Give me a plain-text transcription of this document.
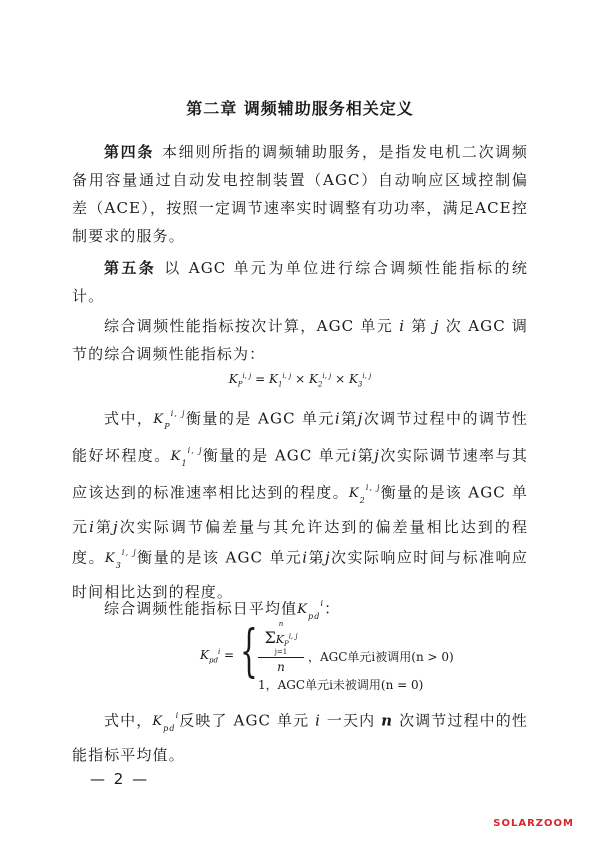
第二章 调频辅助服务相关定义
第四条 本细则所指的调频辅助服务，是指发电机二次调频备用容量通过自动发电控制装置（AGC）自动响应区域控制偏差（ACE），按照一定调节速率实时调整有功功率，满足ACE控制要求的服务。
第五条 以 AGC 单元为单位进行综合调频性能指标的统计。
综合调频性能指标按次计算，AGC 单元 i 第 j 次 AGC 调节的综合调频性能指标为：
$K_P^{i, j} = K_1^{i, j} \times K_2^{i, j} \times K_3^{i, j}$
式中，$K_P^{i, j}$衡量的是 AGC 单元i第j次调节过程中的调节性能好坏程度。$K_1^{i, j}$衡量的是 AGC 单元i第j次实际调节速率与其应该达到的标准速率相比达到的程度。$K_2^{i, j}$衡量的是该 AGC 单元i第j次实际调节偏差量与其允许达到的偏差量相比达到的程度。$K_3^{i, j}$衡量的是该 AGC 单元i第j次实际响应时间与标准响应时间相比达到的程度。
综合调频性能指标日平均值$K_{pd}^i$：
$K_{pd}^i$ = {	n
$\Sigma K_P^{i, j}$
j=1
n
，AGC单元i被调用(n > 0)
1，AGC单元i未被调用(n = 0)
式中，$K_{pd}^i$反映了 AGC 单元 i 一天内 n 次调节过程中的性能指标平均值。
— 2 —
SOLARZOOM
